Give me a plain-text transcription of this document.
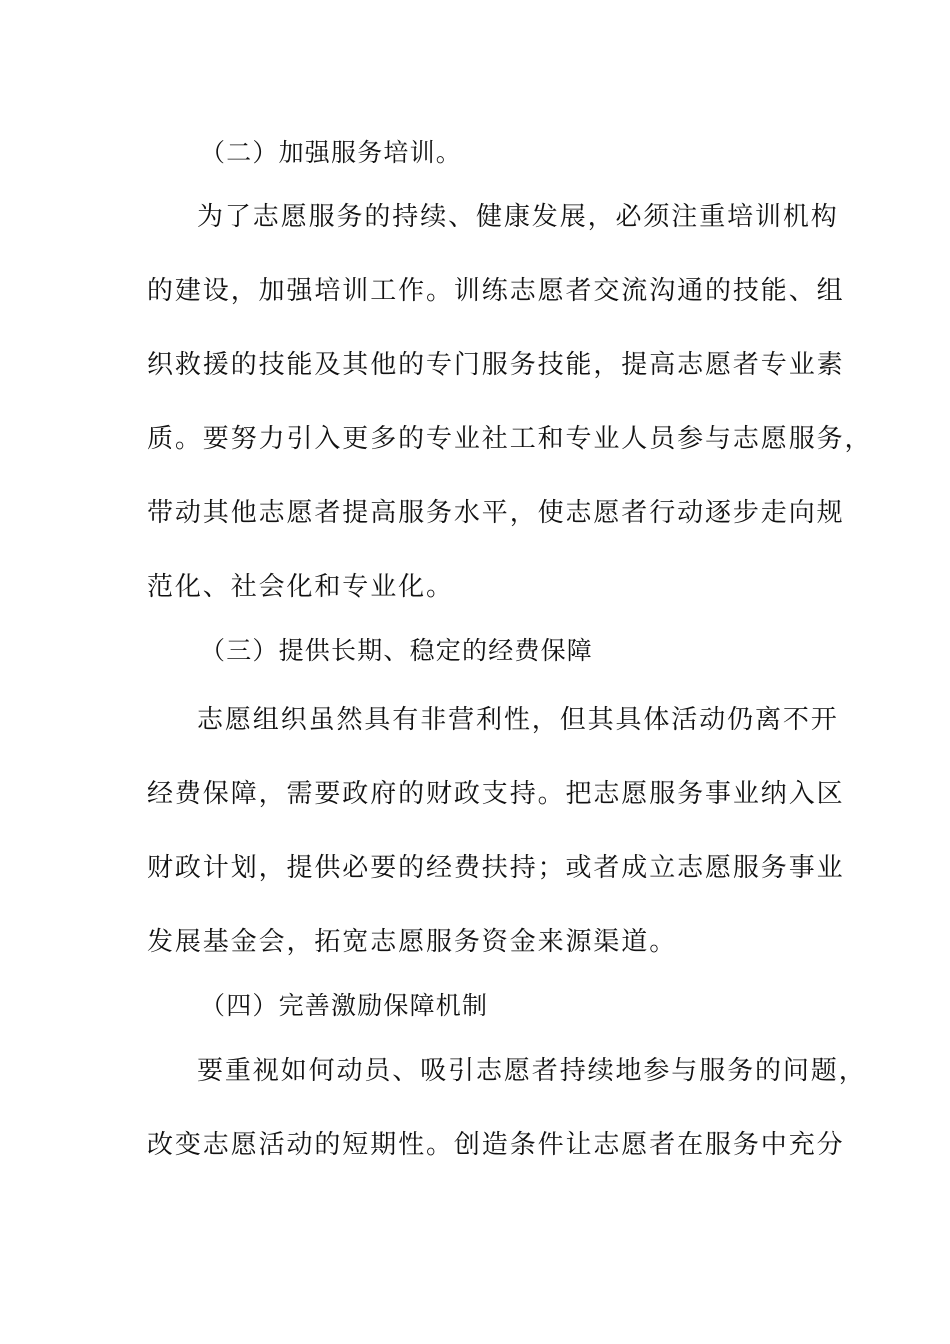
（二）加强服务培训。

为了志愿服务的持续、健康发展，必须注重培训机构

的建设，加强培训工作。训练志愿者交流沟通的技能、组

织救援的技能及其他的专门服务技能，提高志愿者专业素

质。要努力引入更多的专业社工和专业人员参与志愿服务，

带动其他志愿者提高服务水平，使志愿者行动逐步走向规

范化、社会化和专业化。

（三）提供长期、稳定的经费保障

志愿组织虽然具有非营利性，但其具体活动仍离不开

经费保障，需要政府的财政支持。把志愿服务事业纳入区

财政计划，提供必要的经费扶持；或者成立志愿服务事业

发展基金会，拓宽志愿服务资金来源渠道。

（四）完善激励保障机制

要重视如何动员、吸引志愿者持续地参与服务的问题，

改变志愿活动的短期性。创造条件让志愿者在服务中充分
